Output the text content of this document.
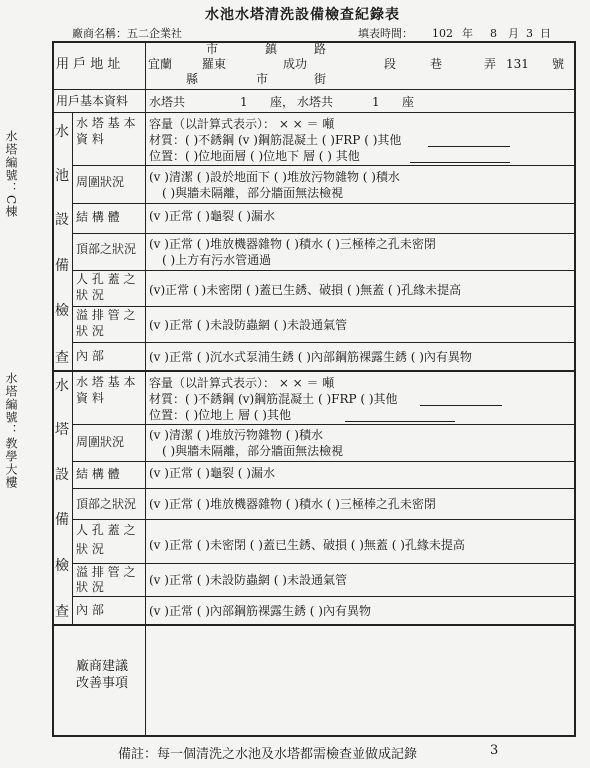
水池水塔清洗設備檢查紀錄表
廠商名稱：五二企業社	填表時間： 102 年 8 月 3 日
水塔編號：C棟
水塔編號：教學大樓
用 戶 地 址
市	鎮	路
宜蘭 羅東	成功	段	巷	弄 131 號
縣	市	街
用戶基本資料 水塔共	1 座， 水塔共	1 座
水
池
設
備
檢
查
水 塔 基 本
資 料
容量（以計算式表示）： × × ＝ 噸
材質：( )不銹鋼 (v )鋼筋混凝土 ( )FRP ( )其他
位置：( )位地面層 ( )位地下 層 ( ) 其他
周圍狀況 (v )清潔 ( )設於地面下 ( )堆放污物雜物 ( )積水
( )與牆未隔離，部分牆面無法檢視
結 構 體 (v )正常 ( )龜裂 ( )漏水
頂部之狀況 (v )正常 ( )堆放機器雜物 ( )積水 ( )三極棒之孔未密閉
( )上方有污水管通過
人 孔 蓋 之
狀 況	(v)正常 ( )未密閉 ( )蓋已生銹、破損 ( )無蓋 ( )孔緣未提高
溢 排 管 之
狀 況	(v )正常 ( )未設防蟲網 ( )未設通氣管
內 部	(v )正常 ( )沉水式泵浦生銹 ( )內部鋼筋裸露生銹 ( )內有異物
水
塔
設
備
檢
查
水 塔 基 本
資 料
容量（以計算式表示）： × × ＝ 噸
材質：( )不銹鋼 (v)鋼筋混凝土 ( )FRP ( )其他
位置：( )位地上 層 ( )其他
周圍狀況 (v )清潔 ( )堆放污物雜物 ( )積水
( )與牆未隔離，部分牆面無法檢視
結 構 體 (v )正常 ( )龜裂 ( )漏水
頂部之狀況 (v )正常 ( )堆放機器雜物 ( )積水 ( )三極棒之孔未密閉
人 孔 蓋 之
狀 況	(v )正常 ( )未密閉 ( )蓋已生銹、破損 ( )無蓋 ( )孔緣未提高
溢 排 管 之
狀 況	(v )正常 ( )未設防蟲網 ( )未設通氣管
內 部	(v )正常 ( )內部鋼筋裸露生銹 ( )內有異物
廠商建議
改善事項
備註：每一個清洗之水池及水塔都需檢查並做成記錄	3
